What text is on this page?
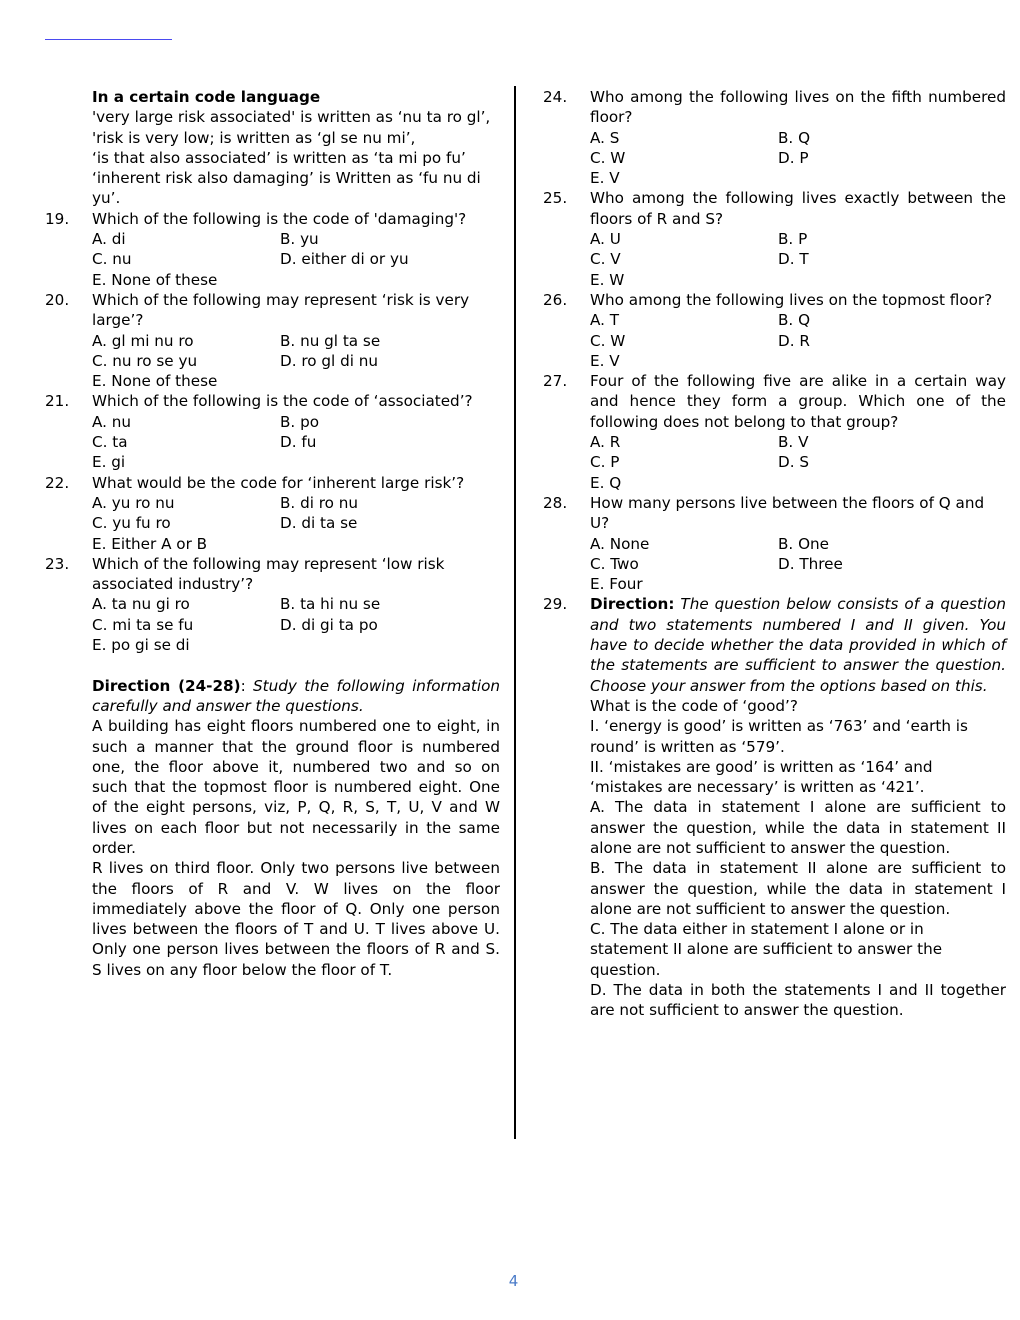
In a certain code language

'very large risk associated' is written as ‘nu ta ro gl’,

'risk is very low; is written as ‘gl se nu mi’,

‘is that also associated’ is written as ‘ta mi po fu’

‘inherent risk also damaging’ is Written as ‘fu nu di yu’.

19. Which of the following is the code of 'damaging'?

A. di	B. yu
C. nu	D. either di or yu
E. None of these
20. Which of the following may represent ‘risk is very large’?

A. gl mi nu ro	B. nu gl ta se
C. nu ro se yu	D. ro gl di nu
E. None of these
21. Which of the following is the code of ‘associated’?

A. nu	B. po
C. ta	D. fu
E. gi
22. What would be the code for ‘inherent large risk’?

A. yu ro nu	B. di ro nu
C. yu fu ro	D. di ta se
E. Either A or B
23. Which of the following may represent ‘low risk associated industry’?

A. ta nu gi ro	B. ta hi nu se
C. mi ta se fu	D. di gi ta po
E. po gi se di

Direction (24-28): Study the following information carefully and answer the questions.

A building has eight floors numbered one to eight, in such a manner that the ground floor is numbered one, the floor above it, numbered two and so on such that the topmost floor is numbered eight. One of the eight persons, viz, P, Q, R, S, T, U, V and W lives on each floor but not necessarily in the same order.

R lives on third floor. Only two persons live between the floors of R and V. W lives on the floor immediately above the floor of Q. Only one person lives between the floors of T and U. T lives above U. Only one person lives between the floors of R and S. S lives on any floor below the floor of T.

24. Who among the following lives on the fifth numbered floor?

A. S	B. Q
C. W	D. P
E. V
25. Who among the following lives exactly between the floors of R and S?

A. U	B. P
C. V	D. T
E. W
26. Who among the following lives on the topmost floor?

A. T	B. Q
C. W	D. R
E. V
27. Four of the following five are alike in a certain way and hence they form a group. Which one of the following does not belong to that group?

A. R	B. V
C. P	D. S
E. Q
28. How many persons live between the floors of Q and U?

A. None	B. One
C. Two	D. Three
E. Four
29. Direction: The question below consists of a question and two statements numbered I and II given. You have to decide whether the data provided in which of the statements are sufficient to answer the question. Choose your answer from the options based on this.

What is the code of ‘good’?

I. ‘energy is good’ is written as ‘763’ and ‘earth is round’ is written as ‘579’.

II. ‘mistakes are good’ is written as ‘164’ and ‘mistakes are necessary’ is written as ‘421’.

A. The data in statement I alone are sufficient to answer the question, while the data in statement II alone are not sufficient to answer the question.

B. The data in statement II alone are sufficient to answer the question, while the data in statement I alone are not sufficient to answer the question.

C. The data either in statement I alone or in statement II alone are sufficient to answer the question.

D. The data in both the statements I and II together are not sufficient to answer the question.

4
